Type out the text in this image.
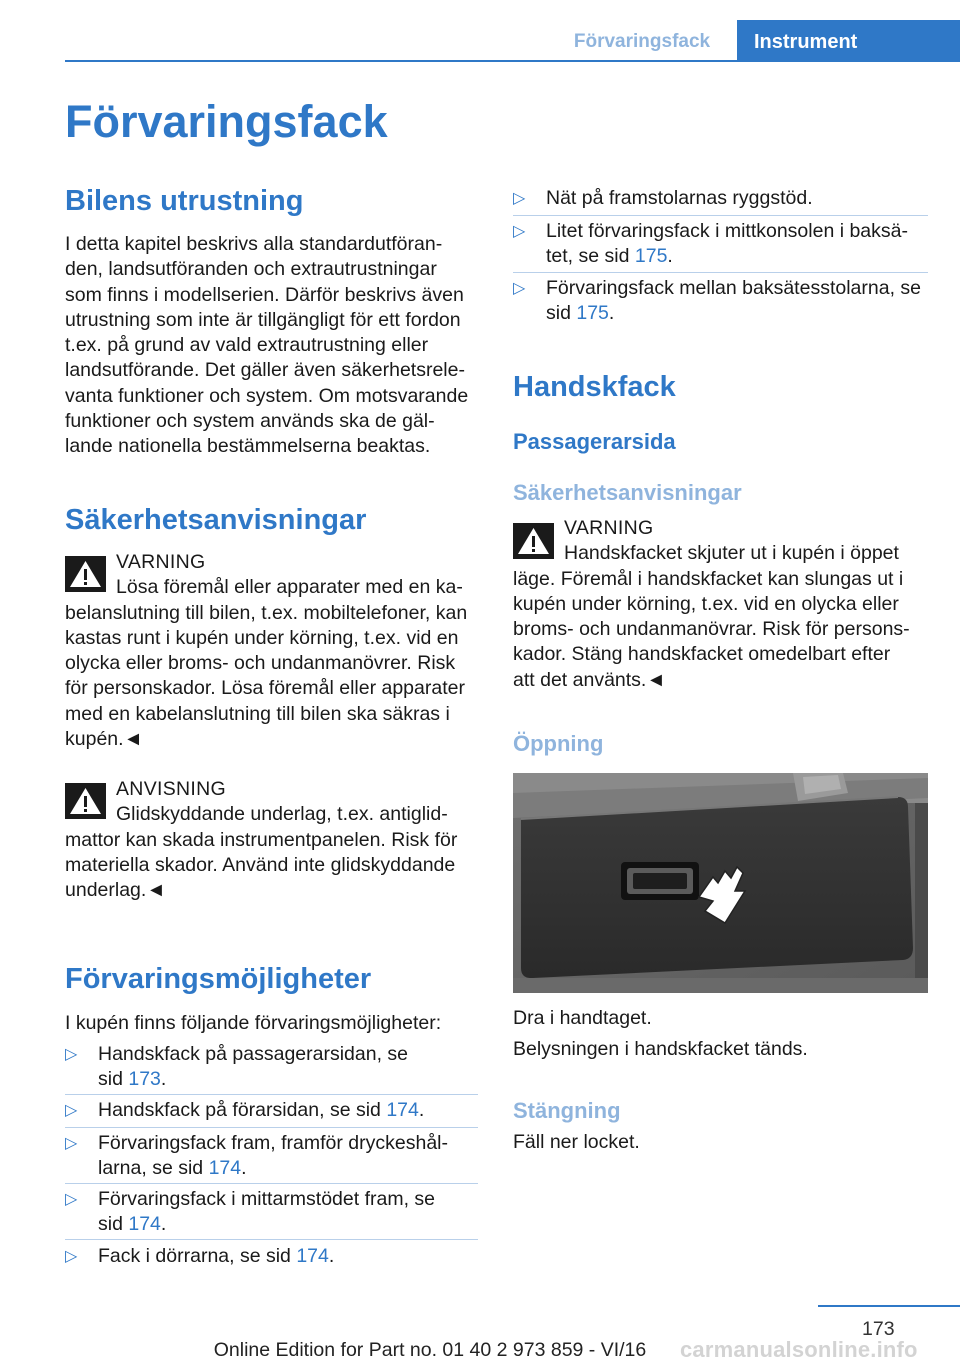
Förvaringsfack	Instrument
Förvaringsfack
Bilens utrustning
I detta kapitel beskrivs alla standardutföran-
den, landsutföranden och extrautrustningar
som finns i modellserien. Därför beskrivs även
utrustning som inte är tillgängligt för ett fordon
t.ex. på grund av vald extrautrustning eller
landsutförande. Det gäller även säkerhetsrele-
vanta funktioner och system. Om motsvarande
funktioner och system används ska de gäl-
lande nationella bestämmelserna beaktas.
Säkerhetsanvisningar
VARNING
Lösa föremål eller apparater med en ka-
belanslutning till bilen, t.ex. mobiltelefoner, kan
kastas runt i kupén under körning, t.ex. vid en
olycka eller broms- och undanmanövrer. Risk
för personskador. Lösa föremål eller apparater
med en kabelanslutning till bilen ska säkras i
kupén.◄
ANVISNING
Glidskyddande underlag, t.ex. antiglid-
mattor kan skada instrumentpanelen. Risk för
materiella skador. Använd inte glidskyddande
underlag.◄
Förvaringsmöjligheter
I kupén finns följande förvaringsmöjligheter:
▷	Handskfack på passagerarsidan, se
sid 173.
▷	Handskfack på förarsidan, se sid 174.
▷	Förvaringsfack fram, framför dryckeshål-
larna, se sid 174.
▷	Förvaringsfack i mittarmstödet fram, se
sid 174.
▷	Fack i dörrarna, se sid 174.
▷	Nät på framstolarnas ryggstöd.
▷	Litet förvaringsfack i mittkonsolen i baksä-
tet, se sid 175.
▷	Förvaringsfack mellan baksätesstolarna, se
sid 175.
Handskfack
Passagerarsida
Säkerhetsanvisningar
VARNING
Handskfacket skjuter ut i kupén i öppet
läge. Föremål i handskfacket kan slungas ut i
kupén under körning, t.ex. vid en olycka eller
broms- och undanmanövrar. Risk för persons-
kador. Stäng handskfacket omedelbart efter
att det använts.◄
Öppning
Dra i handtaget.
Belysningen i handskfacket tänds.
Stängning
Fäll ner locket.
173
Online Edition for Part no. 01 40 2 973 859 - VI/16	carmanualsonline.info
